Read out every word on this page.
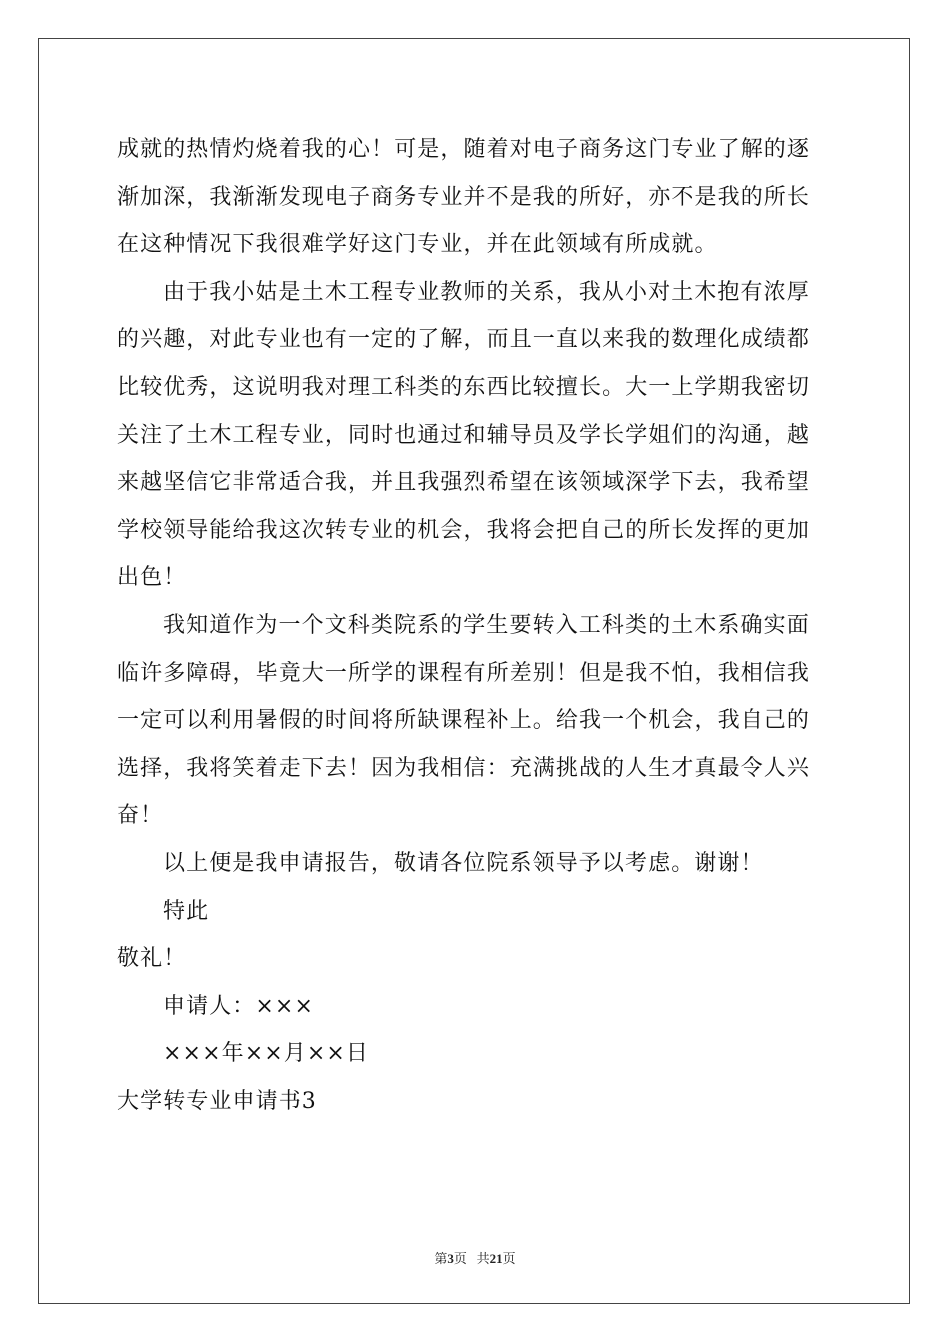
成就的热情灼烧着我的心！可是，随着对电子商务这门专业了解的逐
渐加深，我渐渐发现电子商务专业并不是我的所好，亦不是我的所长
在这种情况下我很难学好这门专业，并在此领域有所成就。
由于我小姑是土木工程专业教师的关系，我从小对土木抱有浓厚
的兴趣，对此专业也有一定的了解，而且一直以来我的数理化成绩都
比较优秀，这说明我对理工科类的东西比较擅长。大一上学期我密切
关注了土木工程专业，同时也通过和辅导员及学长学姐们的沟通，越
来越坚信它非常适合我，并且我强烈希望在该领域深学下去，我希望
学校领导能给我这次转专业的机会，我将会把自己的所长发挥的更加
出色！
我知道作为一个文科类院系的学生要转入工科类的土木系确实面
临许多障碍，毕竟大一所学的课程有所差别！但是我不怕，我相信我
一定可以利用暑假的时间将所缺课程补上。给我一个机会，我自己的
选择，我将笑着走下去！因为我相信：充满挑战的人生才真最令人兴
奋！
以上便是我申请报告，敬请各位院系领导予以考虑。谢谢！
特此
敬礼！
申请人：×××
×××年××月××日
大学转专业申请书3
第3页 共21页
